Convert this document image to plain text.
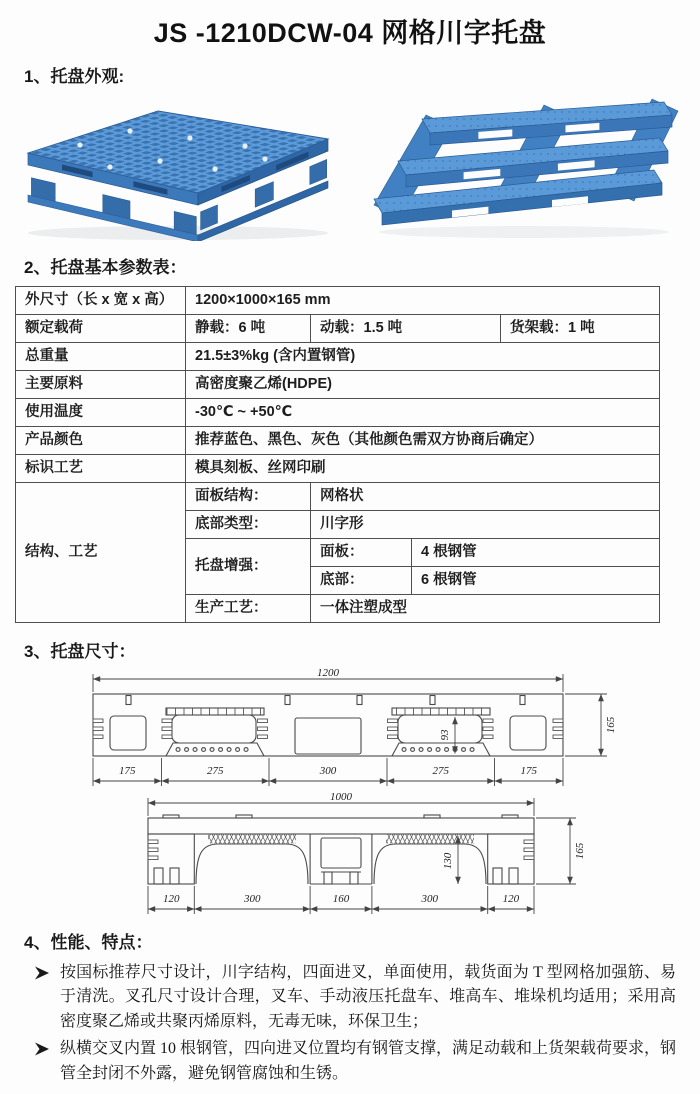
JS -1210DCW-04 网格川字托盘
1、托盘外观:
2、托盘基本参数表：
外尺寸（长 x 宽 x 高）	1200×1000×165 mm			
额定载荷	静载：6 吨	动载：1.5 吨		货架载：1 吨
总重量	21.5±3%kg (含内置钢管)			
主要原料	高密度聚乙烯(HDPE)			
使用温度	-30℃ ~ +50℃			
产品颜色	推荐蓝色、黑色、灰色（其他颜色需双方协商后确定）			
标识工艺	模具刻板、丝网印刷			
结构、工艺	面板结构：	网格状		
	底部类型：	川字形		
	托盘增强：	面板：	4 根钢管	
		底部：	6 根钢管	
	生产工艺：	一体注塑成型		
3、托盘尺寸：
1200
165
93
175	275	300	275	175
1000
165
130
120	300	160	300	120
4、性能、特点：
按国标推荐尺寸设计，川字结构，四面进叉，单面使用，载货面为 T 型网格加强筋、易于清洗。叉孔尺寸设计合理，叉车、手动液压托盘车、堆高车、堆垛机均适用；采用高密度聚乙烯或共聚丙烯原料，无毒无味，环保卫生；
纵横交叉内置 10 根钢管，四向进叉位置均有钢管支撑，满足动载和上货架载荷要求，钢管全封闭不外露，避免钢管腐蚀和生锈。
